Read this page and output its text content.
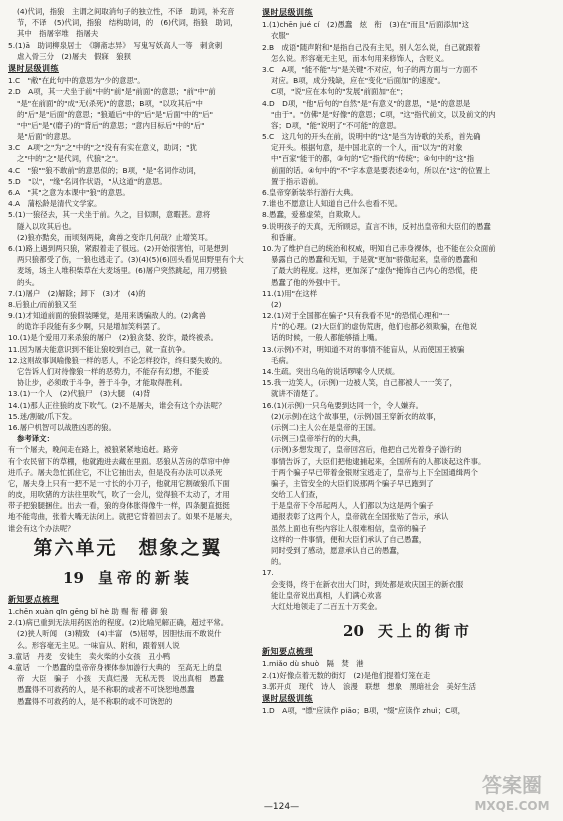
(4)代词，指狼　主谓之间取消句子的独立性，不译　助词，补充音
节，不译　(5)代词，指狼　结构助词，的　(6)代词，指狼　助词，
其中　指屠宰堆　指屠夫
5.(1)ā　助词柳泉居士　《聊斋志异》　写鬼写妖高人一等　刺贪刺
虐入骨三分　(2)屠夫　假寐　狼狈
课时层级训练
1.C　"敝"在此句中的意思为"少的意思"。
2.D　A项，其一犬坐于前"中的"前"是"前面"的意思；"前"中"前
"是"在前面"的"成"无(杀死)"的意思；B项，"以攻其后"中
的"后"是"后面"的意思；"狼遁后"中的"后"是"后面"中的"后"
"中"后"是"(磨子)的"背后"的意思；"意内目标后"中的"后"
是"后面"的意思。
3.C　A项"之"为"之"中的"之"没有有实在意义，助词；"犹
之"中的"之"是代词，代狼"之"。
4.C　"狼""狼不敢前"的意思似的；B项，"是"名词作动词，
5.D　"以"，"缘"名词作状语，"从这道"的意思。
6.A　"其"之意为本课中"狼"的意思。
4.A　蒲松龄是清代文学家。
5.(1)一狼径去，其一犬坐于前。久之，目似瞑，意暇甚。意将
隧入以攻其后也。
(2)狼亦黠矣，而顷刻两毙，禽兽之变诈几何哉？止增笑耳。
6.(1)路上遇到两只狼，紧跟着走了很远。(2)开始很害怕，可是想到
两只狼都受了伤，一狼也逃走了。(3)(4)(5)(6)回头看见田野里有个大
麦场，场主人堆积柴草在大麦场里。(6)屠户突然跳起，用刀劈狼
的头。
7.(1)屠户　(2)解除；卸下　(3)才　(4)的
8.后狼止/而前狼又至
9.(1)才知道前面的狼假装睡觉，是用来诱骗敌人的。(2)禽兽
的诡诈手段能有多少啊，只是增加笑料罢了。
10.(1)是个爱用刀来杀狼的屠户　(2)狼贪婪、狡诈，最终被杀。
11.因为屠夫能意识到不能让狼咬到自己，就一直抗争。
12.这则故事讽喻像狼一样的恶人，不论怎样狡诈，终归要失败的。
它告诉人们对待像狼一样的恶势力，不能存有幻想，不能妥
协让步，必须敢于斗争，善于斗争，才能取得胜利。
13.(1)一个人　(2)代狼尸　(3)大腿　(4)背
14.(1)那人正往狼的皮下吹气。(2)不是屠夫，谁会有这个办法呢？
15.迷/割破/爪下发。
16.屠户机智可以战胜凶恶的狼。
参考译文：
有一个屠夫，晚间走在路上，被狼紧紧地追赶。路旁
有个农民留下的草棚，他就跑进去藏在里面。恶狼从苫房的草帘中伸
进爪子。屠夫急忙抓住它，不让它抽出去，但是没有办法可以杀死
它，屠夫身上只有一把不足一寸长的小刀子，他就用它割破狼爪下面
的皮，用吹猪的方法往里吹气，吹了一会儿，觉得狼不太动了，才用
带子把狼腿捆住。出去一看，狼的身体胀得像牛一样，四条腿直挺挺
地不能弯曲，张着大嘴无法闭上。就把它背着回去了。如果不是屠夫，
谁会有这个办法呢？
第六单元　想象之翼
19 皇帝的新装
新知要点梳理
1.chēn xuàn qīn gēng bǐ hè 助 赐 衔 稽 御 狼
2.(1)病已重到无法用药医治的程度。(2)比喻见解正确，超过平常。
(2)狭人听闻　(3)精致　(4)丰富　(5)屈辱，因胆怯而不敢说什
么。形容毫无主见。一味盲从、附和，跟着别人说
3.童话　丹麦　安徒生　卖火柴的小女孩　丑小鸭
4.童话　一个愚蠢的皇帝帝身裸体参加游行大典的　至高无上的皇
帝　大臣　骗子　小孩　天真烂漫　无私无畏　说出真相　愚蠢
愚蠢得不可救药的人，是不称职的或者不可饶恕地愚蠢
愚蠢得不可救药的人，是不称职的或不可饶恕的
课时层级训练
1.(1)chēn jué cí　(2)愚蠢　炫　衔　(3)在"而且"后面添加"这
衣服"
2.B　成语"随声附和"是指自己没有主见，别人怎么说，自己就跟着
怎么说。形容毫无主见，而本句用来修饰人，含贬义。
3.C　A项，"能不能"与"是关键"不对应，句子的两方面与一方面不
对应。B项，成分残缺，应在"变化"后面加"的速度"。
C项，"说"应在本句的"发展"前面加"在"；
4.D　D项，"他"后句的"自然"是"有意义"的意思，"是"的意思是
"由于"。"仿佛"是"好像"的意思；C项，"这"指代前文，以及前文的内
容；D项，"能"说明了"不可能"的意思。
5.C　这几句的开头在前，说明中的"这"是当为诗歌的关系，首先确
定开头。根据句意，是中国北京的一个人，而"以为"的对象
中"百家"能干的都，③句的"它"指代的"传统"；④句中的"这"指
前面的话。④句中的"不"字本意是要表述②句，所以在"这"的位置上
置于指示语前。
6.皇帝穿新装举行游行大典。
7.谁也不愿意让人知道自己什么也看不见。
8.愚蠢，爱慕虚荣，自欺欺人。
9.说明孩子的天真，无所顾忌，直言不讳，反衬出皇帝和大臣们的愚蠢
和昏庸。
10.为了维护自己的统治和权威，明知自己赤身裸体，也不能在公众面前
暴露自己的愚蠢和无知，于是就"更加"骄傲起来，皇帝的愚蠢和
了最大的程度。这样，更加深了"虚伪"掩饰自己内心的恐慌，使
愚蠢了他的外强中干。
11.(1)用"在这样
(2)
12.(1)对于全国都在骗子"只有我看不见"的恐慌心理和"一
片"的心理。(2)大臣们的虚伪荒唐，他们也都必须欺骗，在他说
话的时候，一般人都能够插上嘴。
13.(示例)不对，明知道不对的事情不能盲从，从而使国王被骗
毛病。
14.生疏。突出乌龟的说话啰嗦令人厌烦。
15.我一边笑人，(示例)一边被人笑，自己都被人一一笑了，
就讲不清楚了。
16.(1)(示例)一只乌龟要到达同一个，令人嫌弃。
(2)(示例)在这个故事里，(示例)国王穿新衣的故事，
(示例二)主人公在是皇帝的王国。
(示例三)皇帝举行的的大典，
(示例)多想发现了，皇帝回宫后，他把自己光着身子游行的
事情告诉了，大臣们把他逮捕起来，全国所有的人都谈起这件事。
于两个骗子早已带着金银财宝逃走了，皇帝与上下全国通缉两个
骗子，主管安全的大臣们说那两个骗子早已跑到了
交给工人们查，
于是皇帝下令吊起两人，人们都以为这是两个骗子
通报表彰了这两个人，皇帝就在全国张贴了告示，承认
虽然上面也有些内容让人很难相信，皇帝的骗子
这样的一件事情，便和大臣们承认了自己愚蠢，
同时受到了感动，愿意承认自己的愚蠢，
的。
17.
会变得，终于在新衣出大门时，到处都是欢庆国王的新衣服
能让皇帝说出真相，人们满心欢喜
大红灶地领走了二百五十万奖金。
20 天上的街市
新知要点梳理
1.miǎo dù shuò　隔　焚　港
2.(1)好像点着无数的街灯　(2)是他们提着灯笼在走
3.郭开贞　现代　诗人　浪漫　联想　想象　黑暗社会　美好生活
课时层级训练
1.D　A项，"缥"应读作 piāo；B项，"缀"应读作 zhuì；C项，
—124—
答案圈
MXQE.COM
